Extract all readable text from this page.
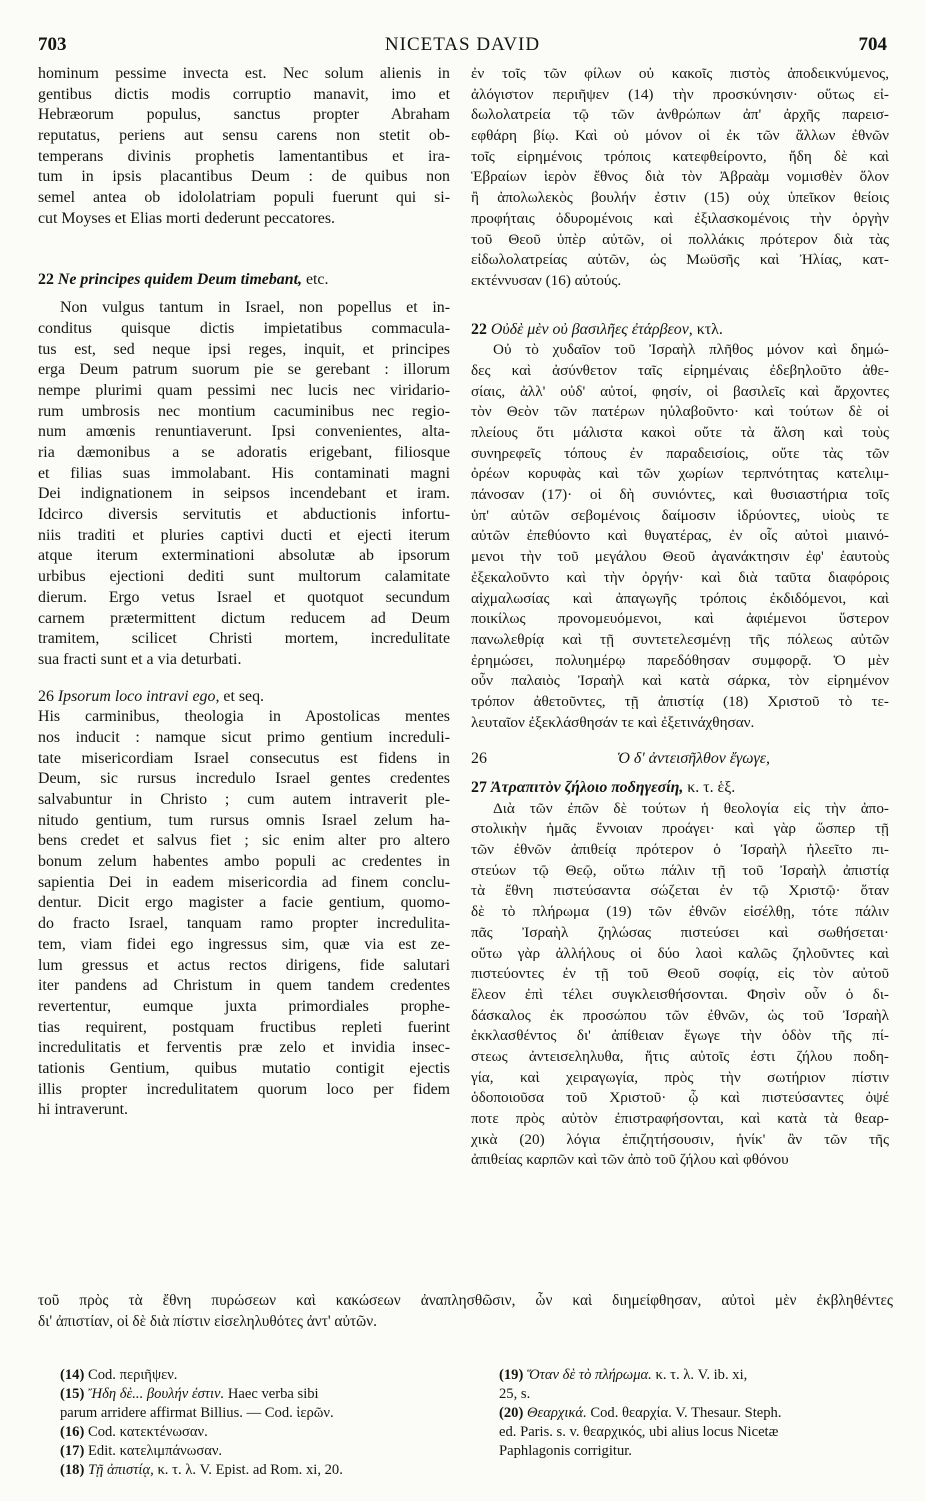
703	NICETAS DAVID	704
hominum pessime invecta est. Nec solum alienis in
gentibus dictis modis corruptio manavit, imo et
Hebræorum populus, sanctus propter Abraham
reputatus, periens aut sensu carens non stetit ob-
temperans divinis prophetis lamentantibus et ira-
tum in ipsis placantibus Deum : de quibus non
semel antea ob idololatriam populi fuerunt qui si-
cut Moyses et Elias morti dederunt peccatores.
22 Ne principes quidem Deum timebant, etc.
Non vulgus tantum in Israel, non popellus et in-
conditus quisque dictis impietatibus commacula-
tus est, sed neque ipsi reges, inquit, et principes
erga Deum patrum suorum pie se gerebant : illorum
nempe plurimi quam pessimi nec lucis nec viridario-
rum umbrosis nec montium cacuminibus nec regio-
num amœnis renuntiaverunt. Ipsi convenientes, alta-
ria dæmonibus a se adoratis erigebant, filiosque
et filias suas immolabant. His contaminati magni
Dei indignationem in seipsos incendebant et iram.
Idcirco diversis servitutis et abductionis infortu-
niis traditi et pluries captivi ducti et ejecti iterum
atque iterum exterminationi absolutæ ab ipsorum
urbibus ejectioni dediti sunt multorum calamitate
dierum. Ergo vetus Israel et quotquot secundum
carnem prætermittent dictum reducem ad Deum
tramitem, scilicet Christi mortem, incredulitate
sua fracti sunt et a via deturbati.
26 Ipsorum loco intravi ego, et seq.
His carminibus, theologia in Apostolicas mentes
nos inducit : namque sicut primo gentium increduli-
tate misericordiam Israel consecutus est fidens in
Deum, sic rursus incredulo Israel gentes credentes
salvabuntur in Christo ; cum autem intraverit ple-
nitudo gentium, tum rursus omnis Israel zelum ha-
bens credet et salvus fiet ; sic enim alter pro altero
bonum zelum habentes ambo populi ac credentes in
sapientia Dei in eadem misericordia ad finem conclu-
dentur. Dicit ergo magister a facie gentium, quomo-
do fracto Israel, tanquam ramo propter incredulita-
tem, viam fidei ego ingressus sim, quæ via est ze-
lum gressus et actus rectos dirigens, fide salutari
iter pandens ad Christum in quem tandem credentes
revertentur, eumque juxta primordiales prophe-
tias requirent, postquam fructibus repleti fuerint
incredulitatis et ferventis præ zelo et invidia insec-
tationis Gentium, quibus mutatio contigit ejectis
illis propter incredulitatem quorum loco per fidem
hi intraverunt.
ἐν τοῖς τῶν φίλων οὐ κακοῖς πιστὸς ἀποδεικνύμενος,
ἀλόγιστον περιῆψεν (14) τὴν προσκύνησιν· οὕτως εἰ-
δωλολατρεία τῷ τῶν ἀνθρώπων ἀπ' ἀρχῆς παρεισ-
εφθάρη βίῳ. Καὶ οὐ μόνον οἱ ἐκ τῶν ἄλλων ἐθνῶν
τοῖς εἰρημένοις τρόποις κατεφθείροντο, ἤδη δὲ καὶ
Ἑβραίων ἱερὸν ἔθνος διὰ τὸν Ἀβραὰμ νομισθὲν ὅλον
ἢ ἀπολωλεκὸς βουλήν ἐστιν (15) οὐχ ὑπεῖκον θείοις
προφήταις ὀδυρομένοις καὶ ἐξιλασκομένοις τὴν ὀργὴν
τοῦ Θεοῦ ὑπὲρ αὐτῶν, οἱ πολλάκις πρότερον διὰ τὰς
εἰδωλολατρείας αὐτῶν, ὡς Μωϋσῆς καὶ Ἠλίας, κατ-
εκτέννυσαν (16) αὐτούς.
22 Οὐδὲ μὲν οὐ βασιλῆες ἐτάρβεον, κτλ.
Οὐ τὸ χυδαῖον τοῦ Ἰσραὴλ πλῆθος μόνον καὶ δημώ-
δες καὶ ἀσύνθετον ταῖς εἰρημέναις ἐδεβηλοῦτο ἀθε-
σίαις, ἀλλ' οὐδ' αὐτοί, φησίν, οἱ βασιλεῖς καὶ ἄρχοντες
τὸν Θεὸν τῶν πατέρων ηὐλαβοῦντο· καὶ τούτων δὲ οἱ
πλείους ὅτι μάλιστα κακοὶ οὔτε τὰ ἄλση καὶ τοὺς
συνηρεφεῖς τόπους ἐν παραδεισίοις, οὔτε τὰς τῶν
ὀρέων κορυφὰς καὶ τῶν χωρίων τερπνότητας κατελιμ-
πάνοσαν (17)· οἱ δὴ συνιόντες, καὶ θυσιαστήρια τοῖς
ὑπ' αὐτῶν σεβομένοις δαίμοσιν ἱδρύοντες, υἱοὺς τε
αὐτῶν ἐπεθύοντο καὶ θυγατέρας, ἐν οἷς αὐτοὶ μιαινό-
μενοι τὴν τοῦ μεγάλου Θεοῦ ἀγανάκτησιν ἐφ' ἑαυτοὺς
ἐξεκαλοῦντο καὶ τὴν ὀργήν· καὶ διὰ ταῦτα διαφόροις
αἰχμαλωσίας καὶ ἀπαγωγῆς τρόποις ἐκδιδόμενοι, καὶ
ποικίλως προνομευόμενοι, καὶ ἀφιέμενοι ὕστερον
πανωλεθρίᾳ καὶ τῇ συντετελεσμένῃ τῆς πόλεως αὐτῶν
ἐρημώσει, πολυημέρῳ παρεδόθησαν συμφορᾷ. Ὁ μὲν
οὖν παλαιὸς Ἰσραὴλ καὶ κατὰ σάρκα, τὸν εἰρημένον
τρόπον ἀθετοῦντες, τῇ ἀπιστίᾳ (18) Χριστοῦ τὸ τε-
λευταῖον ἐξεκλάσθησάν τε καὶ ἐξετινάχθησαν.
26	Ὁ δ' ἀντεισῆλθον ἔγωγε,
27 Ἀτραπιτὸν ζήλοιο ποδηγεσίη, κ. τ. ἑξ.
Διὰ τῶν ἐπῶν δὲ τούτων ἡ θεολογία εἰς τὴν ἀπο-
στολικὴν ἡμᾶς ἔννοιαν προάγει· καὶ γὰρ ὥσπερ τῇ
τῶν ἐθνῶν ἀπιθείᾳ πρότερον ὁ Ἰσραὴλ ἠλεεῖτο πι-
στεύων τῷ Θεῷ, οὕτω πάλιν τῇ τοῦ Ἰσραὴλ ἀπιστίᾳ
τὰ ἔθνη πιστεύσαντα σώζεται ἐν τῷ Χριστῷ· ὅταν
δὲ τὸ πλήρωμα (19) τῶν ἐθνῶν εἰσέλθῃ, τότε πάλιν
πᾶς Ἰσραὴλ ζηλώσας πιστεύσει καὶ σωθήσεται·
οὕτω γὰρ ἀλλήλους οἱ δύο λαοὶ καλῶς ζηλοῦντες καὶ
πιστεύοντες ἐν τῇ τοῦ Θεοῦ σοφίᾳ, εἰς τὸν αὐτοῦ
ἔλεον ἐπὶ τέλει συγκλεισθήσονται. Φησὶν οὖν ὁ δι-
δάσκαλος ἐκ προσώπου τῶν ἐθνῶν, ὡς τοῦ Ἰσραὴλ
ἐκκλασθέντος δι' ἀπίθειαν ἔγωγε τὴν ὁδὸν τῆς πί-
στεως ἀντεισεληλυθα, ἥτις αὐτοῖς ἐστι ζήλου ποδη-
γία, καὶ χειραγωγία, πρὸς τὴν σωτήριον πίστιν
ὁδοποιοῦσα τοῦ Χριστοῦ· ᾧ καὶ πιστεύσαντες ὀψέ
ποτε πρὸς αὐτὸν ἐπιστραφήσονται, καὶ κατὰ τὰ θεαρ-
χικὰ (20) λόγια ἐπιζητήσουσιν, ἡνίκ' ἂν τῶν τῆς
ἀπιθείας καρπῶν καὶ τῶν ἀπὸ τοῦ ζήλου καὶ φθόνου
τοῦ πρὸς τὰ ἔθνη πυρώσεων καὶ κακώσεων ἀναπλησθῶσιν, ὧν καὶ διημείφθησαν, αὐτοὶ μὲν ἐκβληθέντες
δι' ἀπιστίαν, οἱ δὲ διὰ πίστιν εἰσεληλυθότες ἀντ' αὐτῶν.
(14) Cod. περιῆψεν.
(15) Ἤδη δὲ... βουλήν ἐστιν. Haec verba sibi
parum arridere affirmat Billius. — Cod. ἱερῶν.
(16) Cod. κατεκτένωσαν.
(17) Edit. κατελιμπάνωσαν.
(18) Τῇ ἀπιστίᾳ, κ. τ. λ. V. Epist. ad Rom. xi, 20.
(19) Ὅταν δὲ τὸ πλήρωμα. κ. τ. λ. V. ib. xi,
25, s.
(20) Θεαρχικά. Cod. θεαρχία. V. Thesaur. Steph.
ed. Paris. s. v. θεαρχικός, ubi alius locus Nicetæ
Paphlagonis corrigitur.
